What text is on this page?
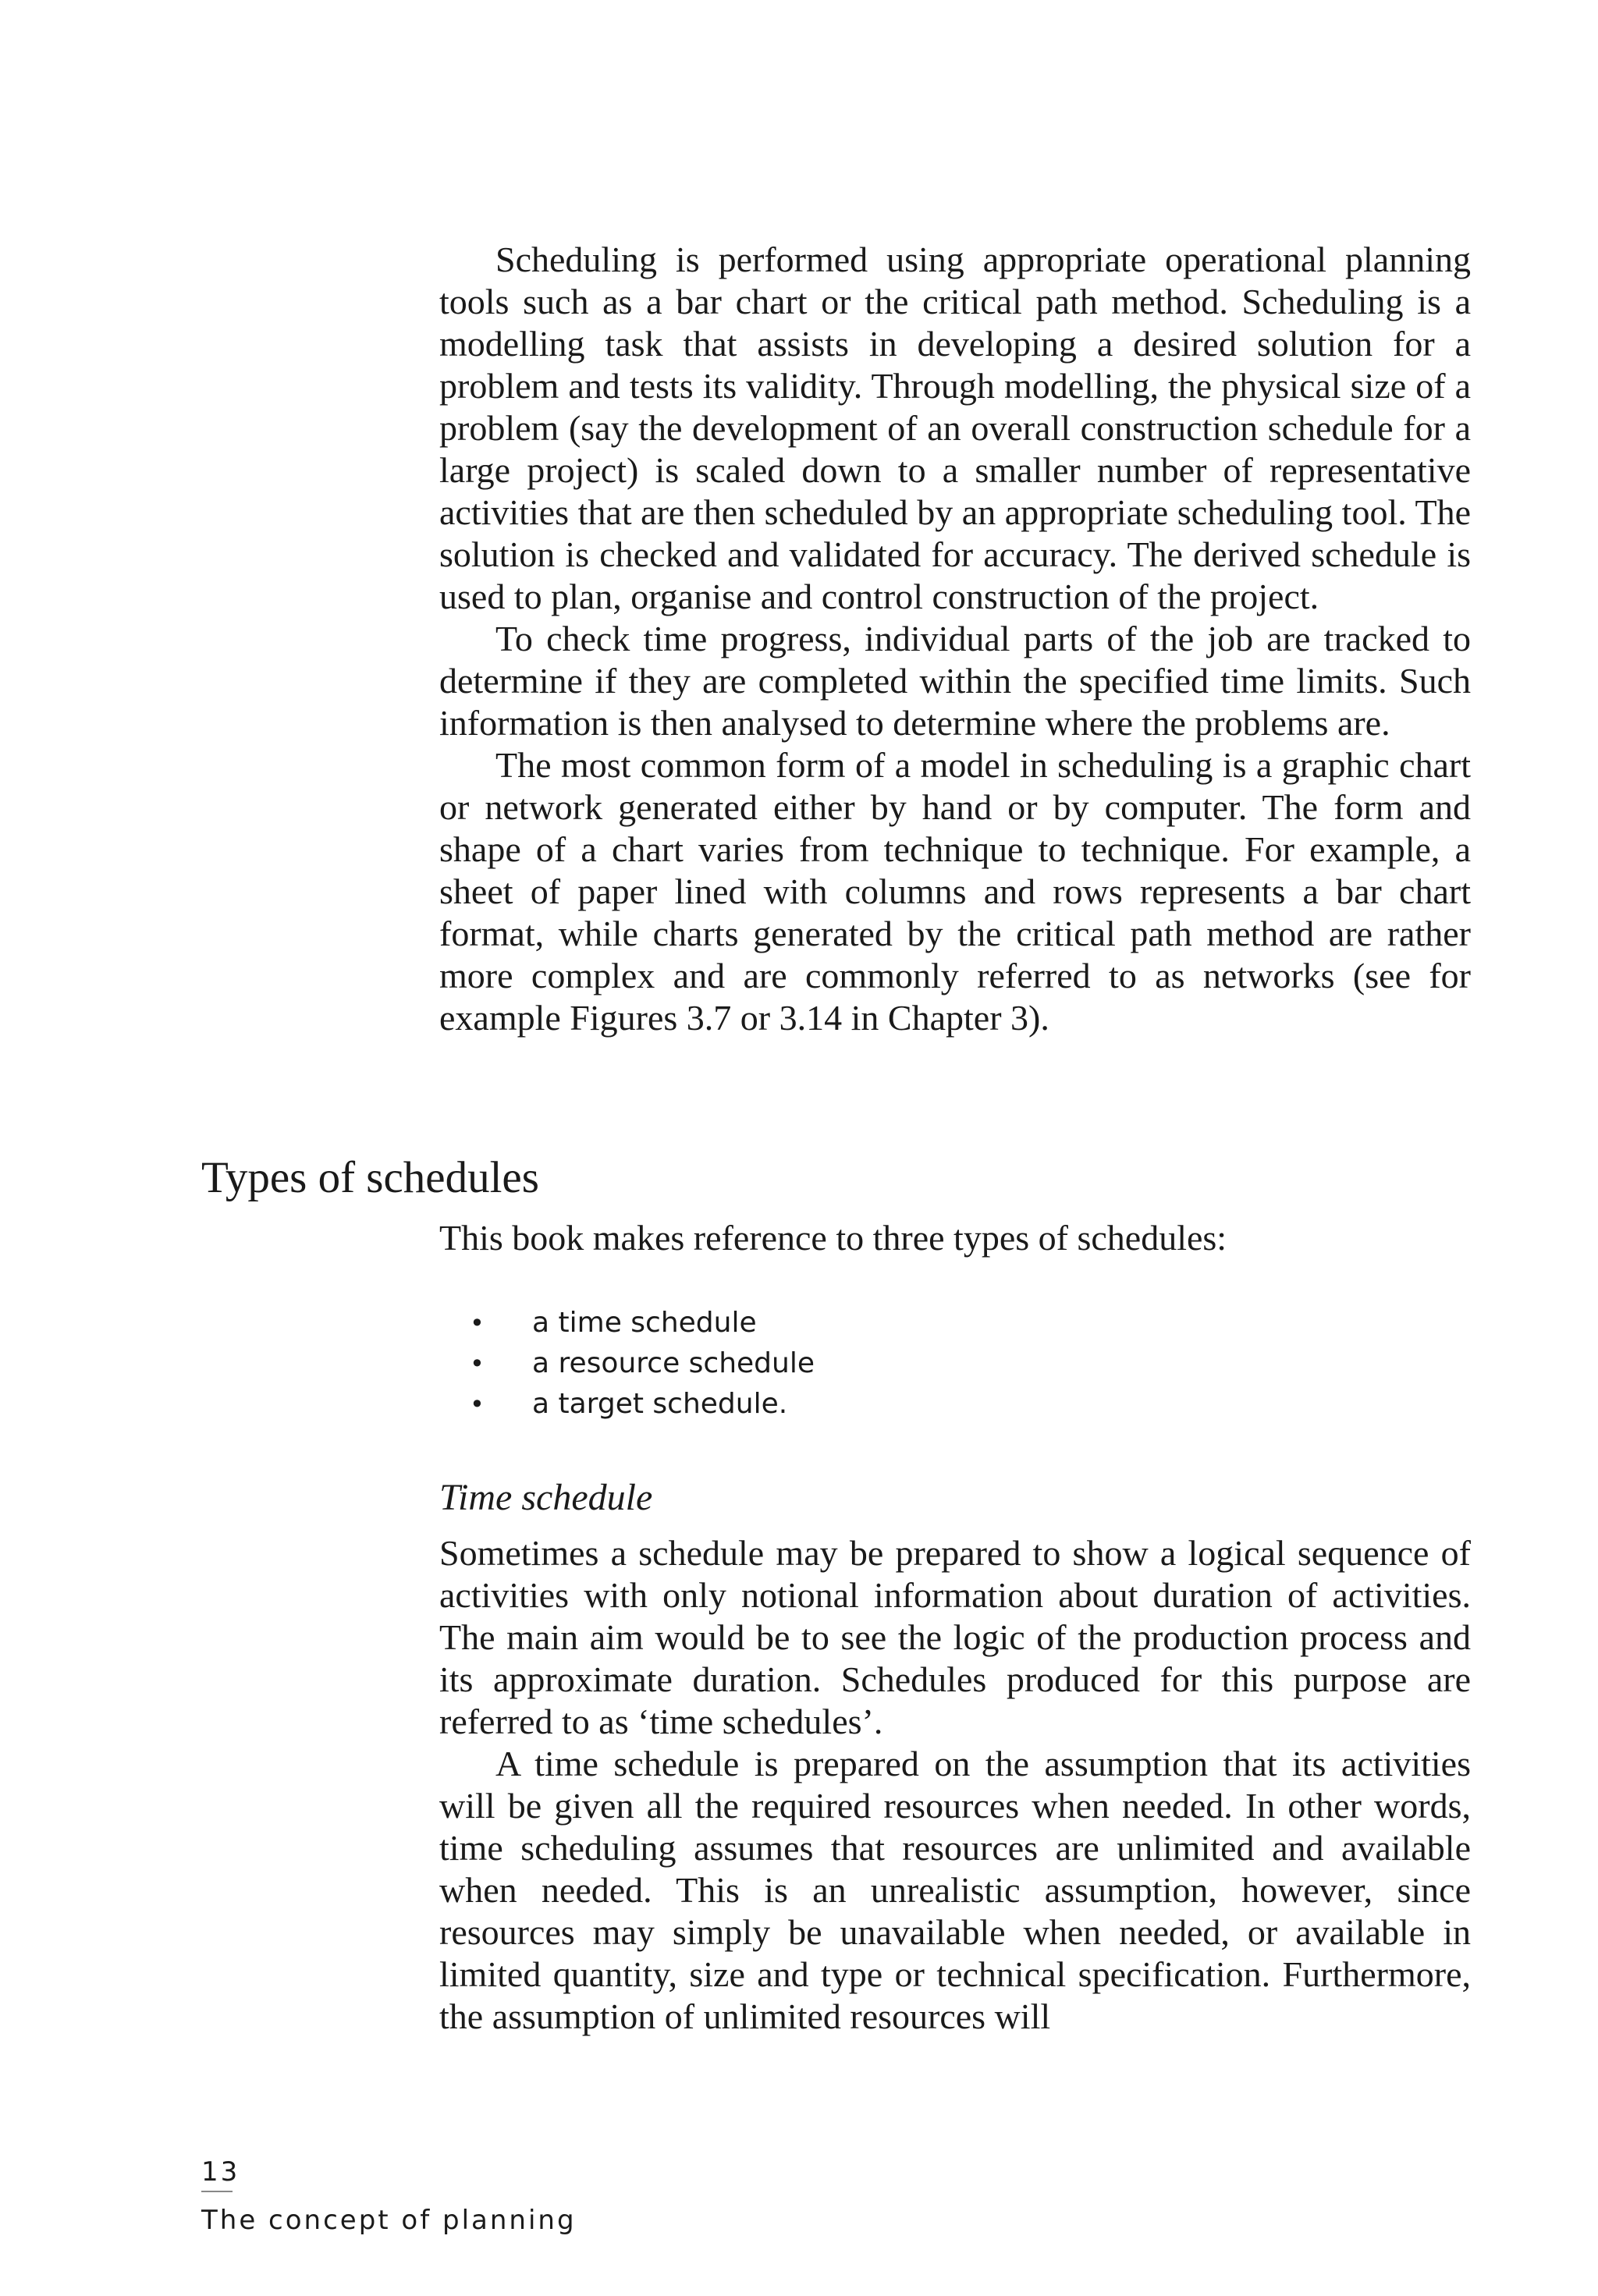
Scheduling is performed using appropriate operational planning tools such as a bar chart or the critical path method. Scheduling is a modelling task that assists in developing a desired solution for a problem and tests its validity. Through modelling, the physical size of a problem (say the development of an overall construction schedule for a large project) is scaled down to a smaller number of representative activities that are then scheduled by an appropriate scheduling tool. The solution is checked and validated for accuracy. The derived schedule is used to plan, organise and control construction of the project.

To check time progress, individual parts of the job are tracked to determine if they are completed within the specified time limits. Such information is then analysed to determine where the problems are.

The most common form of a model in scheduling is a graphic chart or network generated either by hand or by computer. The form and shape of a chart varies from technique to technique. For example, a sheet of paper lined with columns and rows represents a bar chart format, while charts generated by the critical path method are rather more complex and are commonly referred to as networks (see for example Figures 3.7 or 3.14 in Chapter 3).

Types of schedules

This book makes reference to three types of schedules:

•	a time schedule
•	a resource schedule
•	a target schedule.
Time schedule

Sometimes a schedule may be prepared to show a logical sequence of activities with only notional information about duration of activities. The main aim would be to see the logic of the production process and its approximate duration. Schedules produced for this purpose are referred to as ‘time schedules’.

A time schedule is prepared on the assumption that its activities will be given all the required resources when needed. In other words, time scheduling assumes that resources are unlimited and available when needed. This is an unrealistic assumption, however, since resources may simply be unavailable when needed, or available in limited quantity, size and type or technical specification. Furthermore, the assumption of unlimited resources will

13
The concept of planning
